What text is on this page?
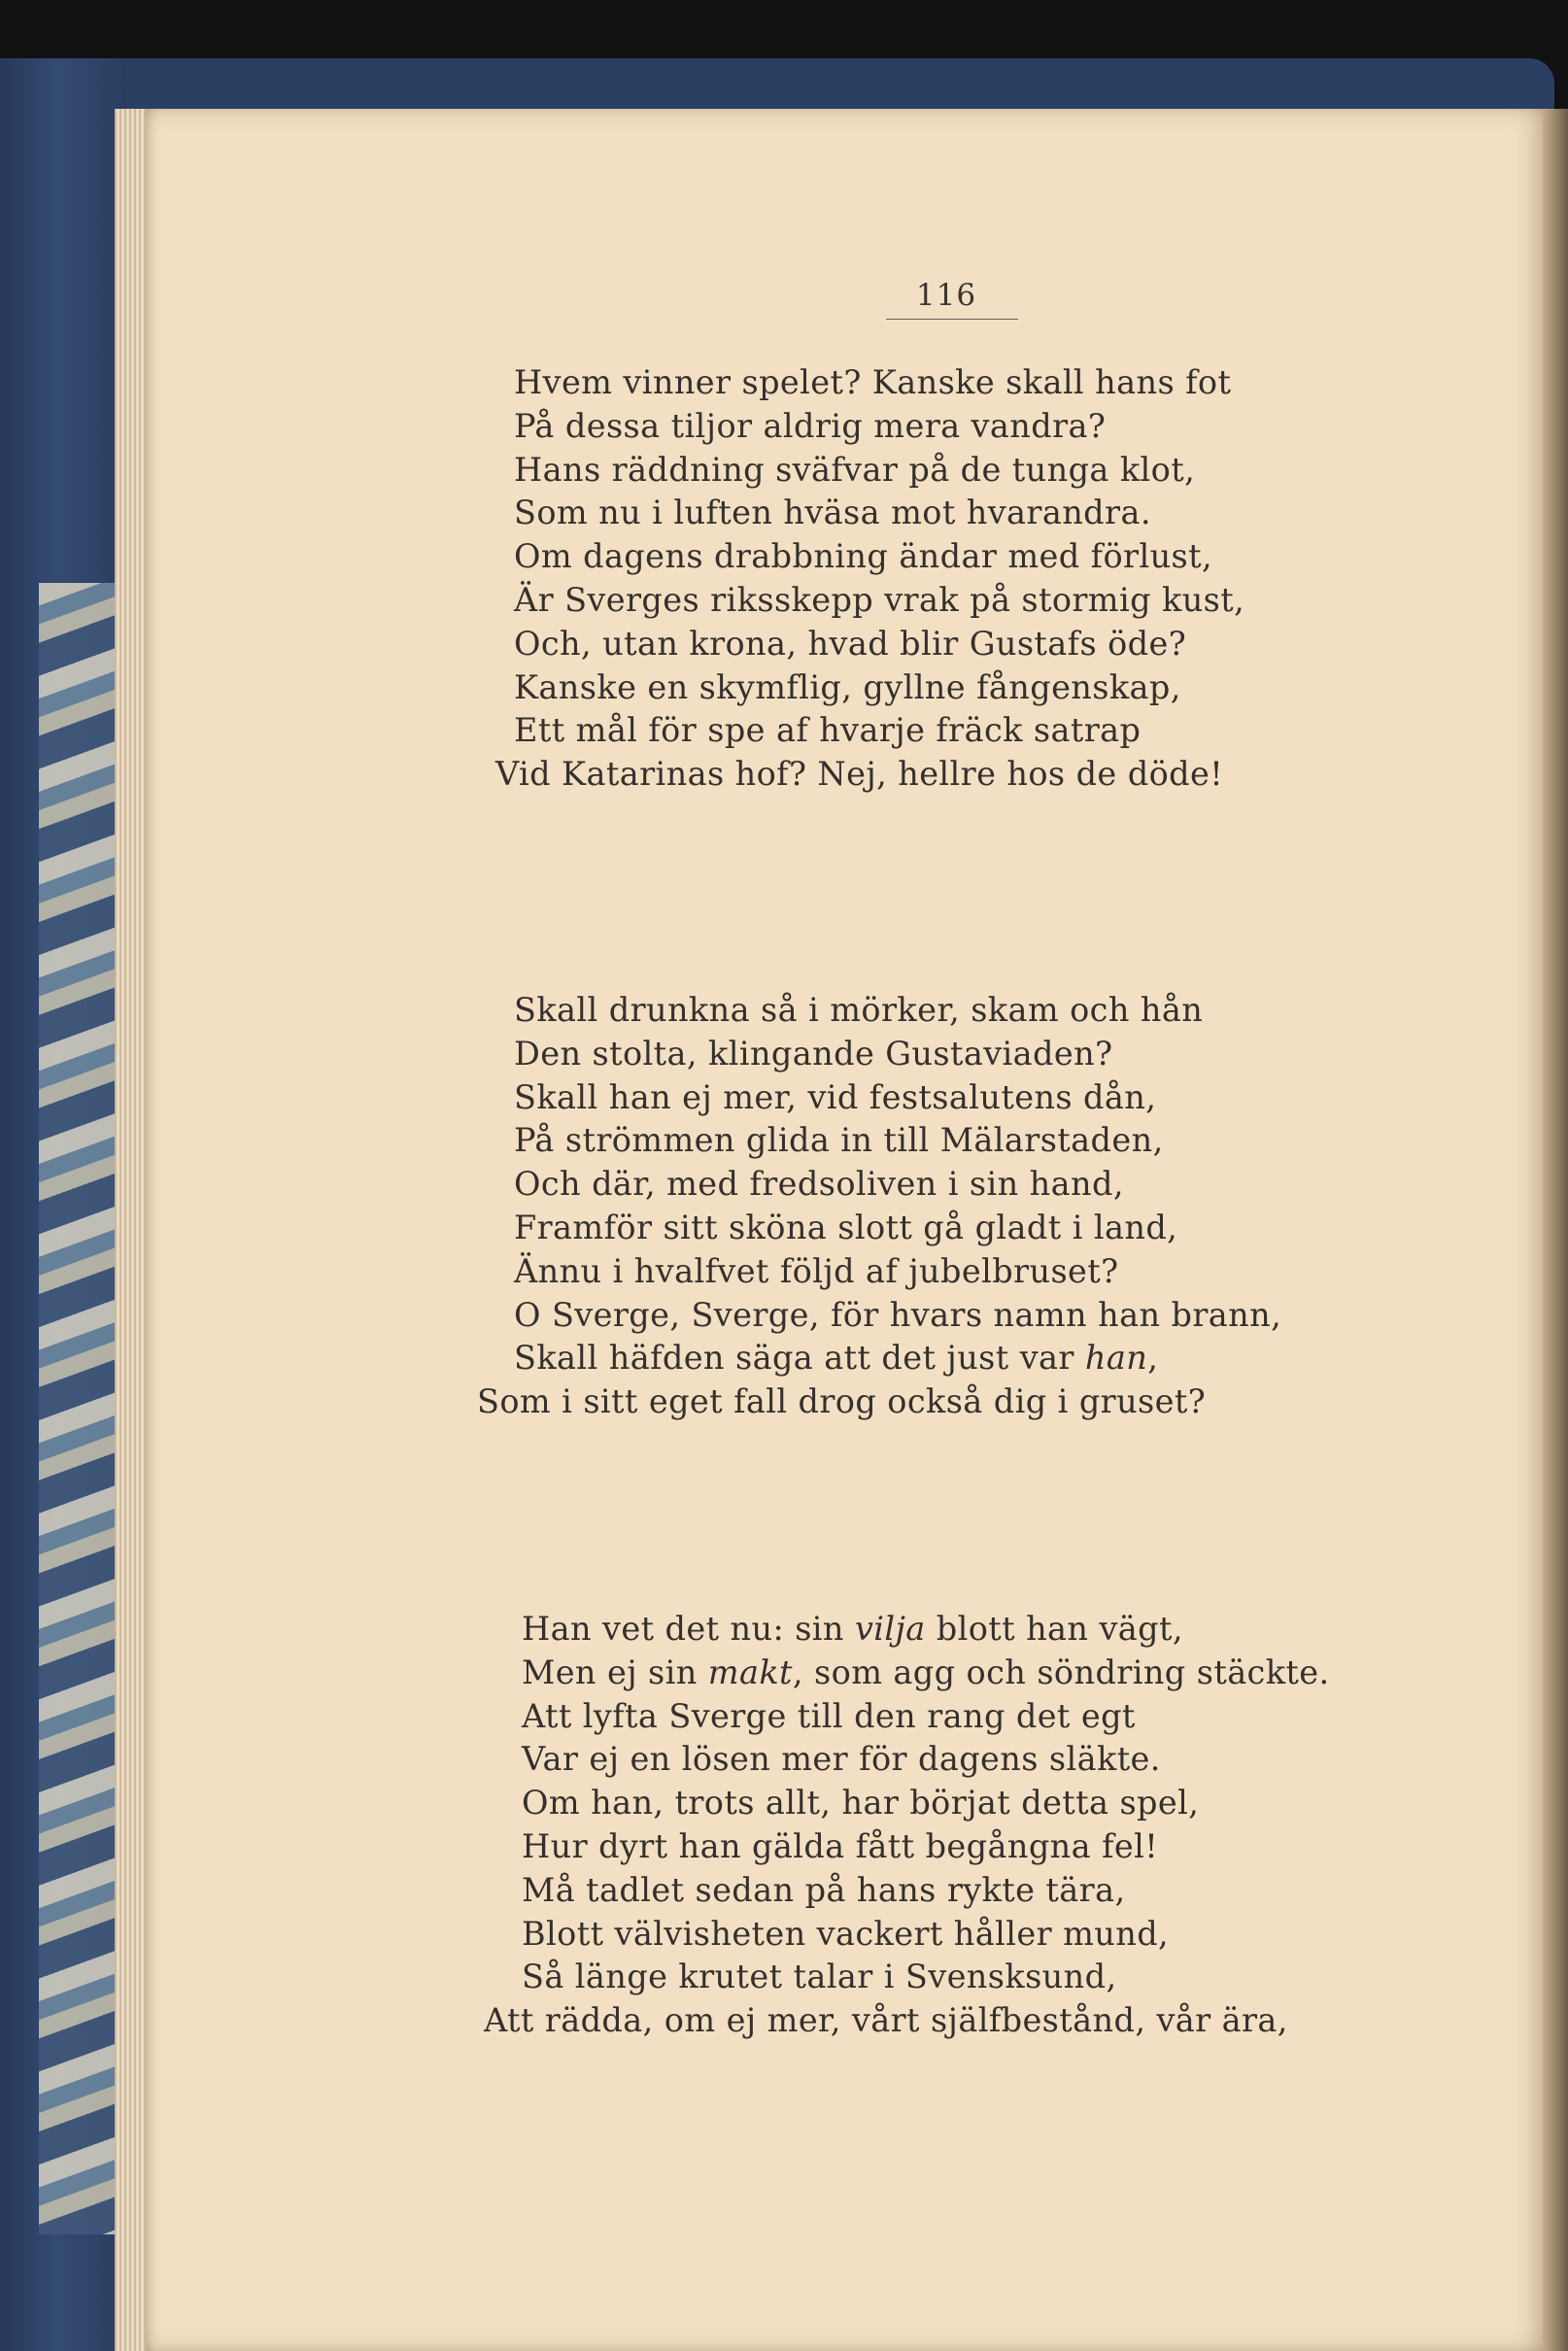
116
Hvem vinner spelet? Kanske skall hans fot
På dessa tiljor aldrig mera vandra?
Hans räddning sväfvar på de tunga klot,
Som nu i luften hväsa mot hvarandra.
Om dagens drabbning ändar med förlust,
Är Sverges riksskepp vrak på stormig kust,
Och, utan krona, hvad blir Gustafs öde?
Kanske en skymflig, gyllne fångenskap,
Ett mål för spe af hvarje fräck satrap
Vid Katarinas hof? Nej, hellre hos de döde!
Skall drunkna så i mörker, skam och hån
Den stolta, klingande Gustaviaden?
Skall han ej mer, vid festsalutens dån,
På strömmen glida in till Mälarstaden,
Och där, med fredsoliven i sin hand,
Framför sitt sköna slott gå gladt i land,
Ännu i hvalfvet följd af jubelbruset?
O Sverge, Sverge, för hvars namn han brann,
Skall häfden säga att det just var han,
Som i sitt eget fall drog också dig i gruset?
Han vet det nu: sin vilja blott han vägt,
Men ej sin makt, som agg och söndring stäckte.
Att lyfta Sverge till den rang det egt
Var ej en lösen mer för dagens släkte.
Om han, trots allt, har börjat detta spel,
Hur dyrt han gälda fått begångna fel!
Må tadlet sedan på hans rykte tära,
Blott välvisheten vackert håller mund,
Så länge krutet talar i Svensksund,
Att rädda, om ej mer, vårt själfbestånd, vår ära,
